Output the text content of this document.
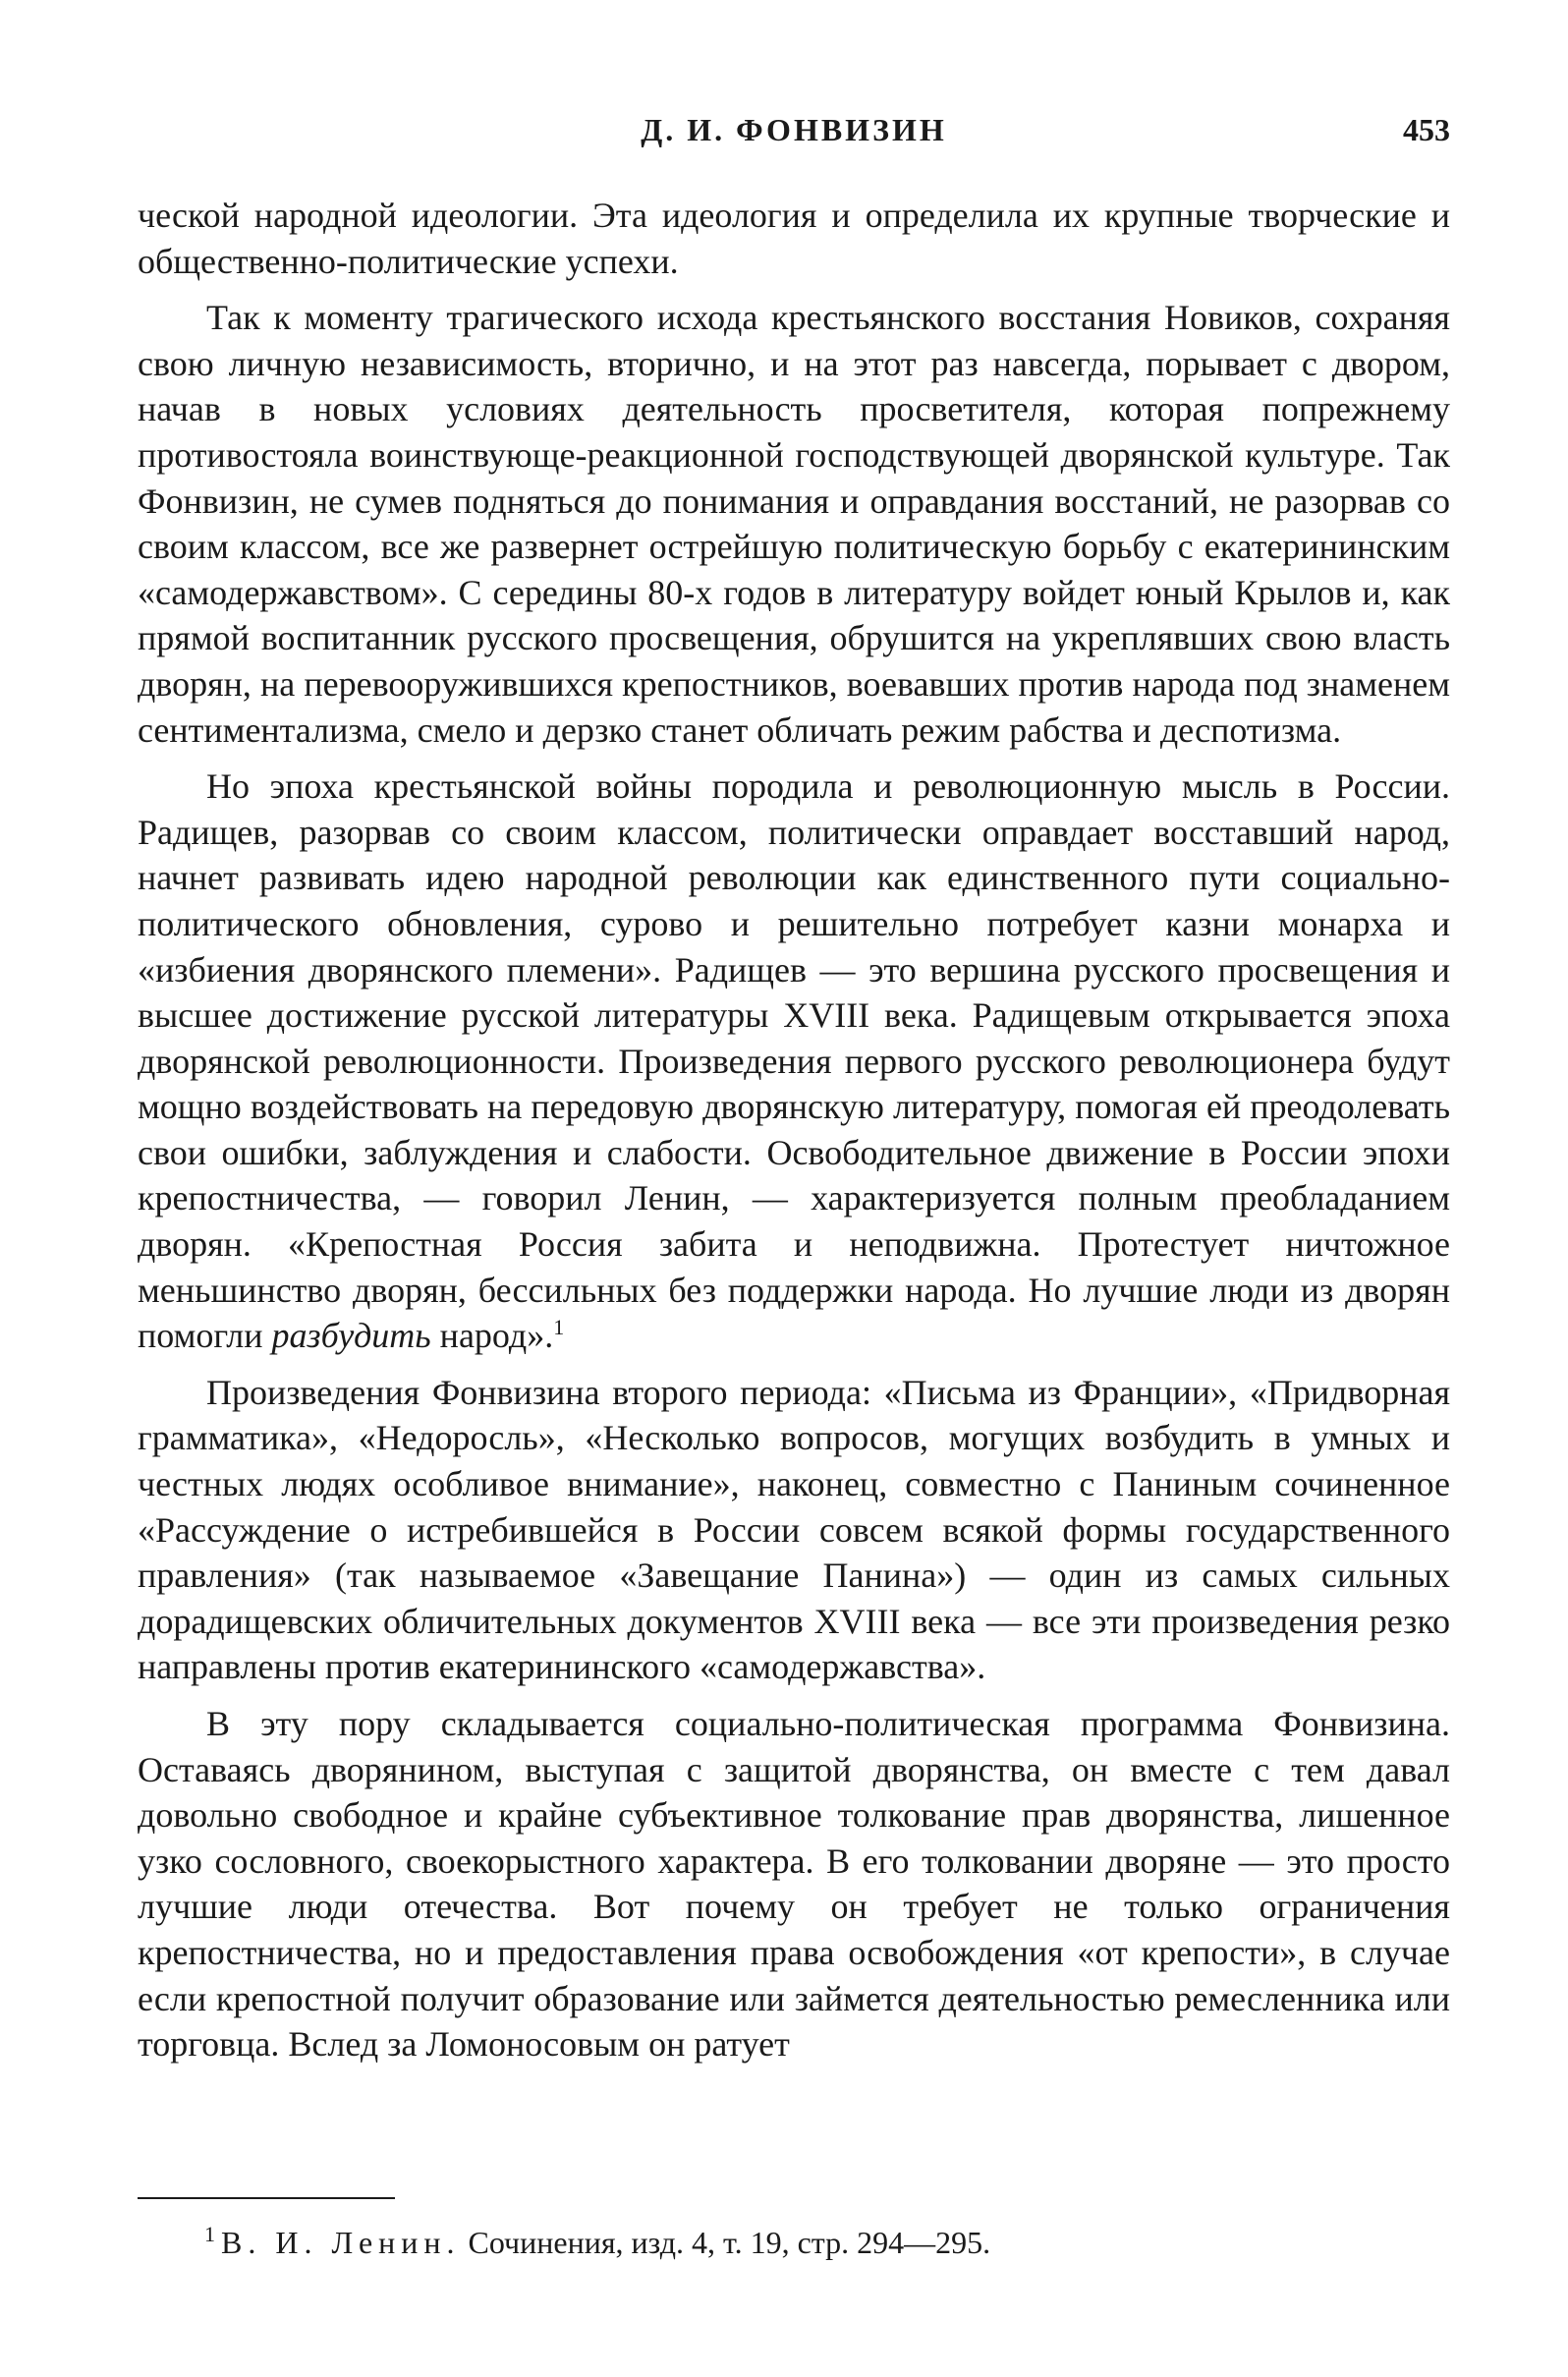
Д. И. ФОНВИЗИН	453

ческой народной идеологии. Эта идеология и определила их крупные творческие и общественно-политические успехи.

Так к моменту трагического исхода крестьянского восстания Новиков, сохраняя свою личную независимость, вторично, и на этот раз навсегда, порывает с двором, начав в новых условиях деятельность просветителя, которая попрежнему противостояла воинствующе-реакционной господствующей дворянской культуре. Так Фонвизин, не сумев подняться до понимания и оправдания восстаний, не разорвав со своим классом, все же развернет острейшую политическую борьбу с екатерининским «самодержавством». С середины 80-х годов в литературу войдет юный Крылов и, как прямой воспитанник русского просвещения, обрушится на укреплявших свою власть дворян, на перевооружившихся крепостников, воевавших против народа под знаменем сентиментализма, смело и дерзко станет обличать режим рабства и деспотизма.

Но эпоха крестьянской войны породила и революционную мысль в России. Радищев, разорвав со своим классом, политически оправдает восставший народ, начнет развивать идею народной революции как единственного пути социально-политического обновления, сурово и решительно потребует казни монарха и «избиения дворянского племени». Радищев — это вершина русского просвещения и высшее достижение русской литературы XVIII века. Радищевым открывается эпоха дворянской революционности. Произведения первого русского революционера будут мощно воздействовать на передовую дворянскую литературу, помогая ей преодолевать свои ошибки, заблуждения и слабости. Освободительное движение в России эпохи крепостничества, — говорил Ленин, — характеризуется полным преобладанием дворян. «Крепостная Россия забита и неподвижна. Протестует ничтожное меньшинство дворян, бессильных без поддержки народа. Но лучшие люди из дворян помогли разбудить народ».$^1$

Произведения Фонвизина второго периода: «Письма из Франции», «Придворная грамматика», «Недоросль», «Несколько вопросов, могущих возбудить в умных и честных людях особливое внимание», наконец, совместно с Паниным сочиненное «Рассуждение о истребившейся в России совсем всякой формы государственного правления» (так называемое «Завещание Панина») — один из самых сильных дорадищевских обличительных документов XVIII века — все эти произведения резко направлены против екатерининского «самодержавства».

В эту пору складывается социально-политическая программа Фонвизина. Оставаясь дворянином, выступая с защитой дворянства, он вместе с тем давал довольно свободное и крайне субъективное толкование прав дворянства, лишенное узко сословного, своекорыстного характера. В его толковании дворяне — это просто лучшие люди отечества. Вот почему он требует не только ограничения крепостничества, но и предоставления права освобождения «от крепости», в случае если крепостной получит образование или займется деятельностью ремесленника или торговца. Вслед за Ломоносовым он ратует

$^1$ В. И. Ленин. Сочинения, изд. 4, т. 19, стр. 294—295.
